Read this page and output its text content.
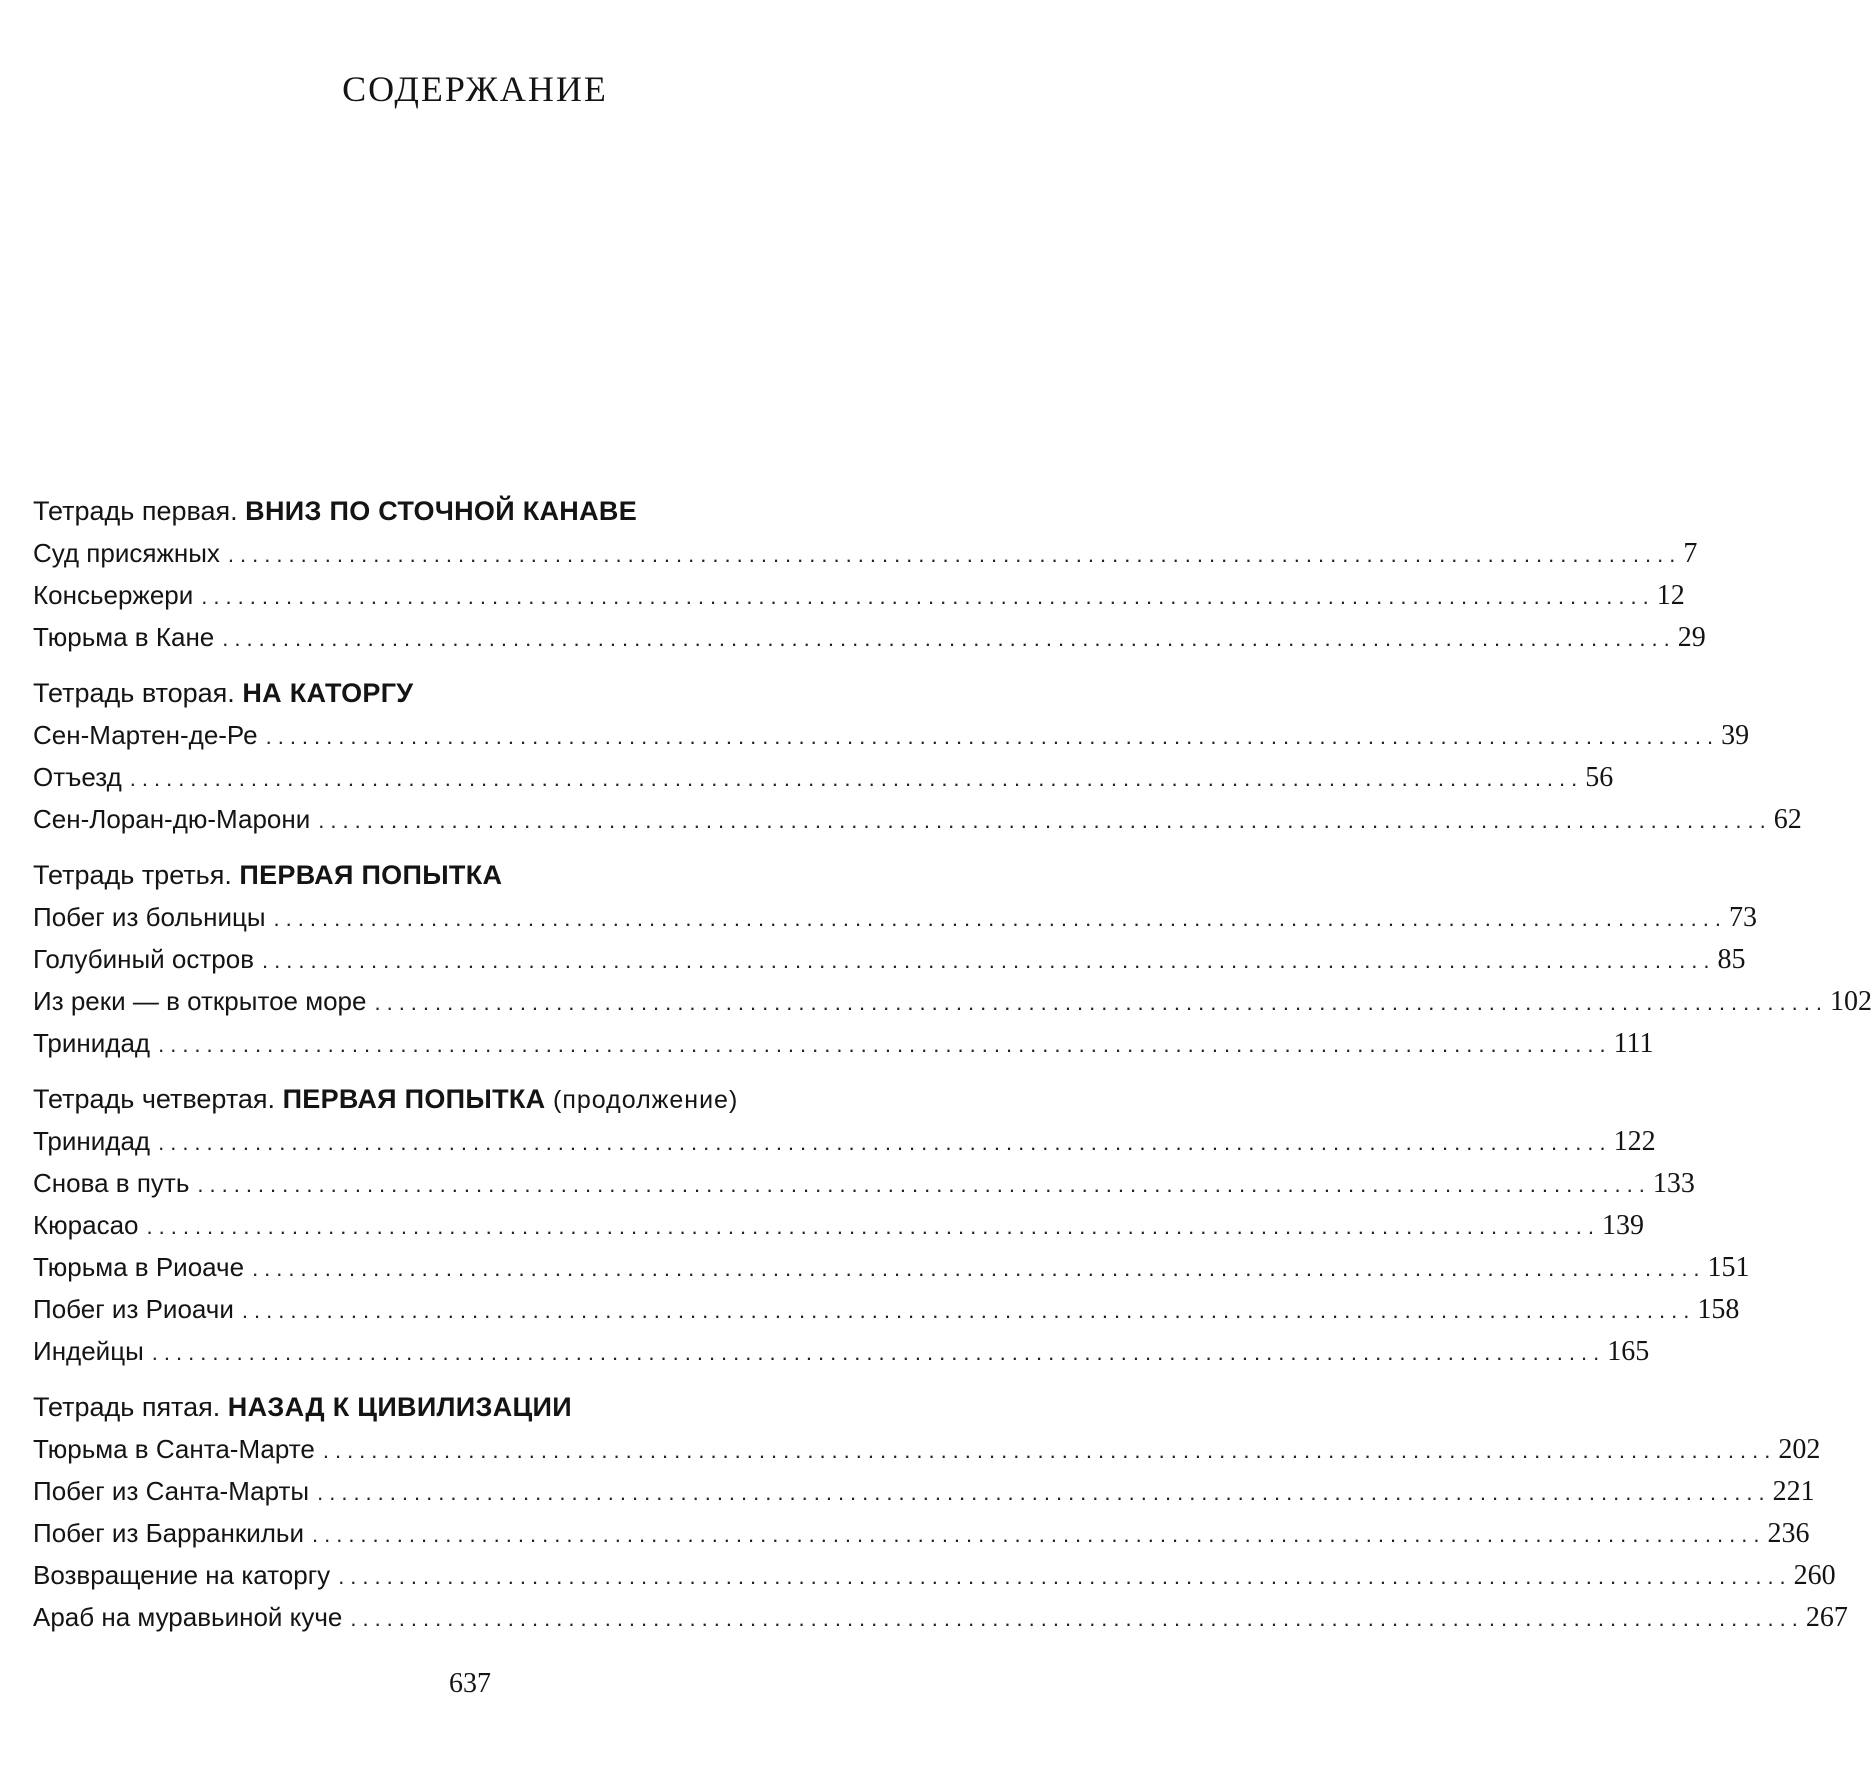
СОДЕРЖАНИЕ
Тетрадь первая. ВНИЗ ПО СТОЧНОЙ КАНАВЕ
Суд присяжных ........................................................................................................................ 7
Консьержери ........................................................................................................................ 12
Тюрьма в Кане ........................................................................................................................ 29
Тетрадь вторая. НА КАТОРГУ
Сен-Мартен-де-Ре ........................................................................................................................ 39
Отъезд ........................................................................................................................ 56
Сен-Лоран-дю-Марони ........................................................................................................................ 62
Тетрадь третья. ПЕРВАЯ ПОПЫТКА
Побег из больницы ........................................................................................................................ 73
Голубиный остров ........................................................................................................................ 85
Из реки — в открытое море ........................................................................................................................ 102
Тринидад ........................................................................................................................ 111
Тетрадь четвертая. ПЕРВАЯ ПОПЫТКА (продолжение)
Тринидад ........................................................................................................................ 122
Снова в путь ........................................................................................................................ 133
Кюрасао ........................................................................................................................ 139
Тюрьма в Риоаче ........................................................................................................................ 151
Побег из Риоачи ........................................................................................................................ 158
Индейцы ........................................................................................................................ 165
Тетрадь пятая. НАЗАД К ЦИВИЛИЗАЦИИ
Тюрьма в Санта-Марте ........................................................................................................................ 202
Побег из Санта-Марты ........................................................................................................................ 221
Побег из Барранкильи ........................................................................................................................ 236
Возвращение на каторгу ........................................................................................................................ 260
Араб на муравьиной куче ........................................................................................................................ 267
637
